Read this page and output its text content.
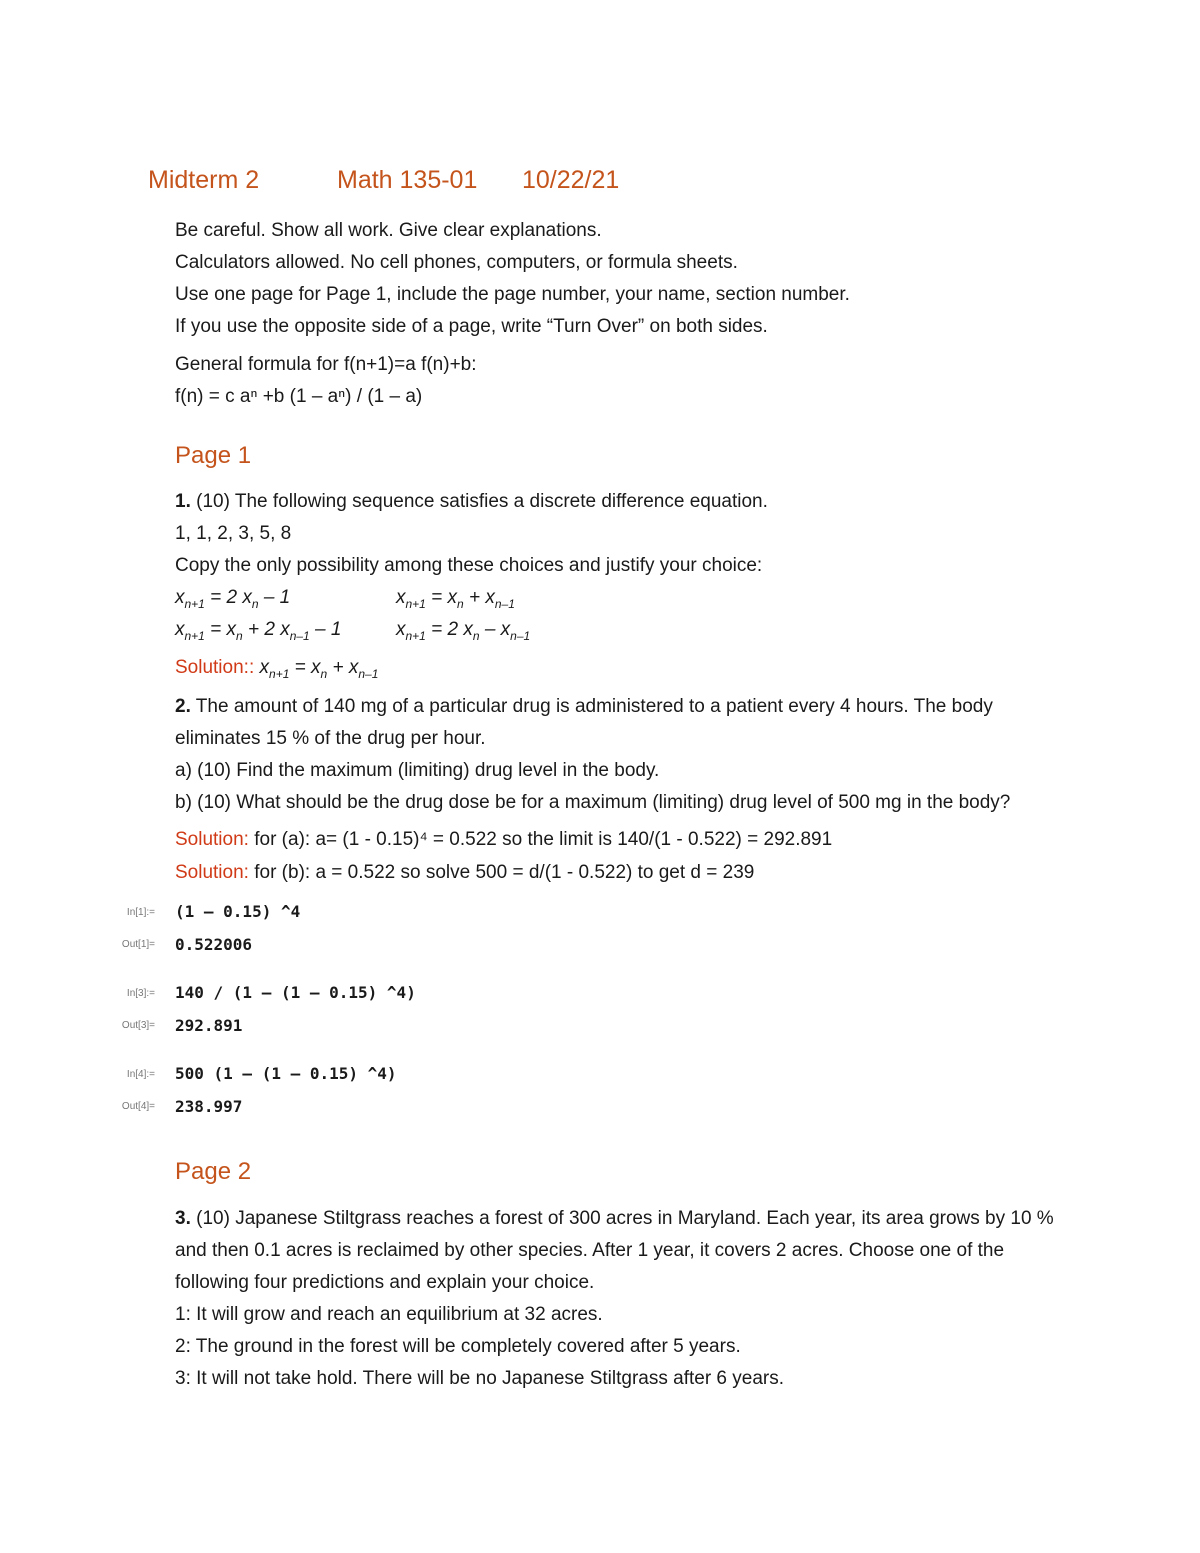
Midterm 2	Math 135-01 10/22/21
Be careful. Show all work. Give clear explanations.
Calculators allowed. No cell phones, computers, or formula sheets.
Use one page for Page 1, include the page number, your name, section number.
If you use the opposite side of a page, write “Turn Over” on both sides.
General formula for f(n+1)=a f(n)+b:
f(n) = c aⁿ +b (1 – aⁿ) / (1 – a)
Page 1
1. (10) The following sequence satisfies a discrete difference equation.
1, 1, 2, 3, 5, 8
Copy the only possibility among these choices and justify your choice:
$x_{n+1} = 2$ $x_n - 1$	$x_{n+1} = x_n + x_{n-1}$
$x_{n+1} = x_n + 2$ $x_{n-1} - 1$	$x_{n+1} = 2$ $x_n - x_{n-1}$
Solution:: $x_{n+1} = x_n + x_{n-1}$
2. The amount of 140 mg of a particular drug is administered to a patient every 4 hours. The body
eliminates 15 % of the drug per hour.
a) (10) Find the maximum (limiting) drug level in the body.
b) (10) What should be the drug dose be for a maximum (limiting) drug level of 500 mg in the body?
Solution: for (a): a= (1 - 0.15)⁴ = 0.522 so the limit is 140/(1 - 0.522) = 292.891
Solution: for (b): a = 0.522 so solve 500 = d/(1 - 0.522) to get d = 239
In[1]:= (1 – 0.15) ^4
Out[1]= 0.522006
In[3]:= 140 / (1 – (1 – 0.15) ^4)
Out[3]= 292.891
In[4]:= 500 (1 – (1 – 0.15) ^4)
Out[4]= 238.997
Page 2
3. (10) Japanese Stiltgrass reaches a forest of 300 acres in Maryland. Each year, its area grows by 10 %
and then 0.1 acres is reclaimed by other species. After 1 year, it covers 2 acres. Choose one of the
following four predictions and explain your choice.
1: It will grow and reach an equilibrium at 32 acres.
2: The ground in the forest will be completely covered after 5 years.
3: It will not take hold. There will be no Japanese Stiltgrass after 6 years.
